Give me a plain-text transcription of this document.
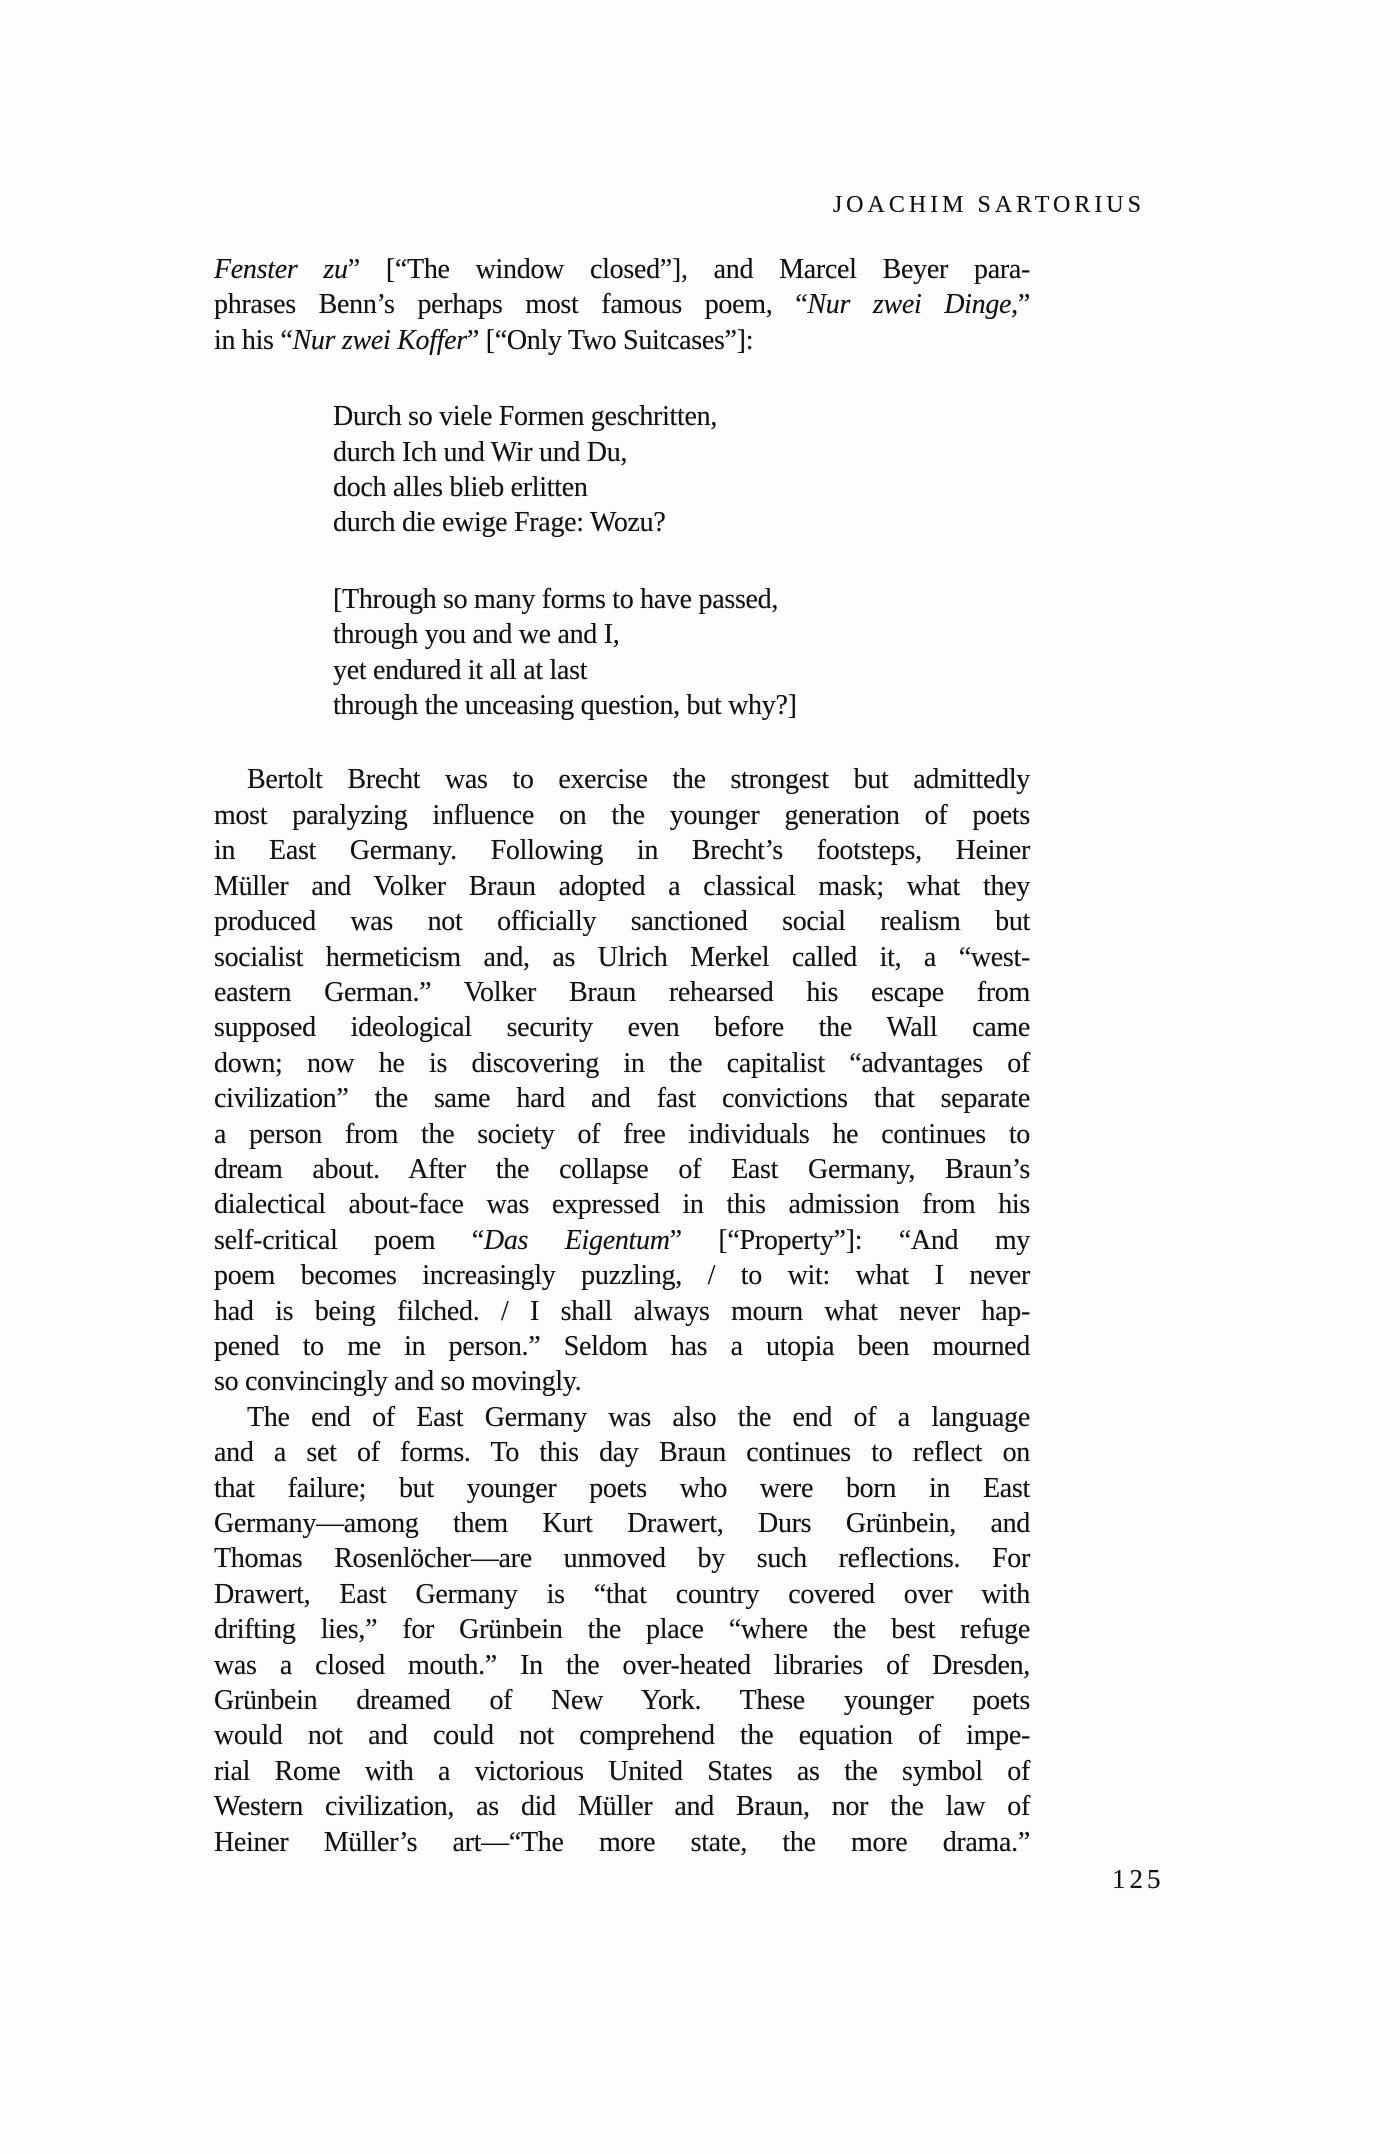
JOACHIM SARTORIUS
Fenster zu” [“The window closed”], and Marcel Beyer para-
phrases Benn’s perhaps most famous poem, “Nur zwei Dinge,”
in his “Nur zwei Koffer” [“Only Two Suitcases”]:
Durch so viele Formen geschritten,
durch Ich und Wir und Du,
doch alles blieb erlitten
durch die ewige Frage: Wozu?
[Through so many forms to have passed,
through you and we and I,
yet endured it all at last
through the unceasing question, but why?]
Bertolt Brecht was to exercise the strongest but admittedly
most paralyzing influence on the younger generation of poets
in East Germany. Following in Brecht’s footsteps, Heiner
Müller and Volker Braun adopted a classical mask; what they
produced was not officially sanctioned social realism but
socialist hermeticism and, as Ulrich Merkel called it, a “west-
eastern German.” Volker Braun rehearsed his escape from
supposed ideological security even before the Wall came
down; now he is discovering in the capitalist “advantages of
civilization” the same hard and fast convictions that separate
a person from the society of free individuals he continues to
dream about. After the collapse of East Germany, Braun’s
dialectical about-face was expressed in this admission from his
self-critical poem “Das Eigentum” [“Property”]: “And my
poem becomes increasingly puzzling, / to wit: what I never
had is being filched. / I shall always mourn what never hap-
pened to me in person.” Seldom has a utopia been mourned
so convincingly and so movingly.
The end of East Germany was also the end of a language
and a set of forms. To this day Braun continues to reflect on
that failure; but younger poets who were born in East
Germany—among them Kurt Drawert, Durs Grünbein, and
Thomas Rosenlöcher—are unmoved by such reflections. For
Drawert, East Germany is “that country covered over with
drifting lies,” for Grünbein the place “where the best refuge
was a closed mouth.” In the over-heated libraries of Dresden,
Grünbein dreamed of New York. These younger poets
would not and could not comprehend the equation of impe-
rial Rome with a victorious United States as the symbol of
Western civilization, as did Müller and Braun, nor the law of
Heiner Müller’s art—“The more state, the more drama.”
125
